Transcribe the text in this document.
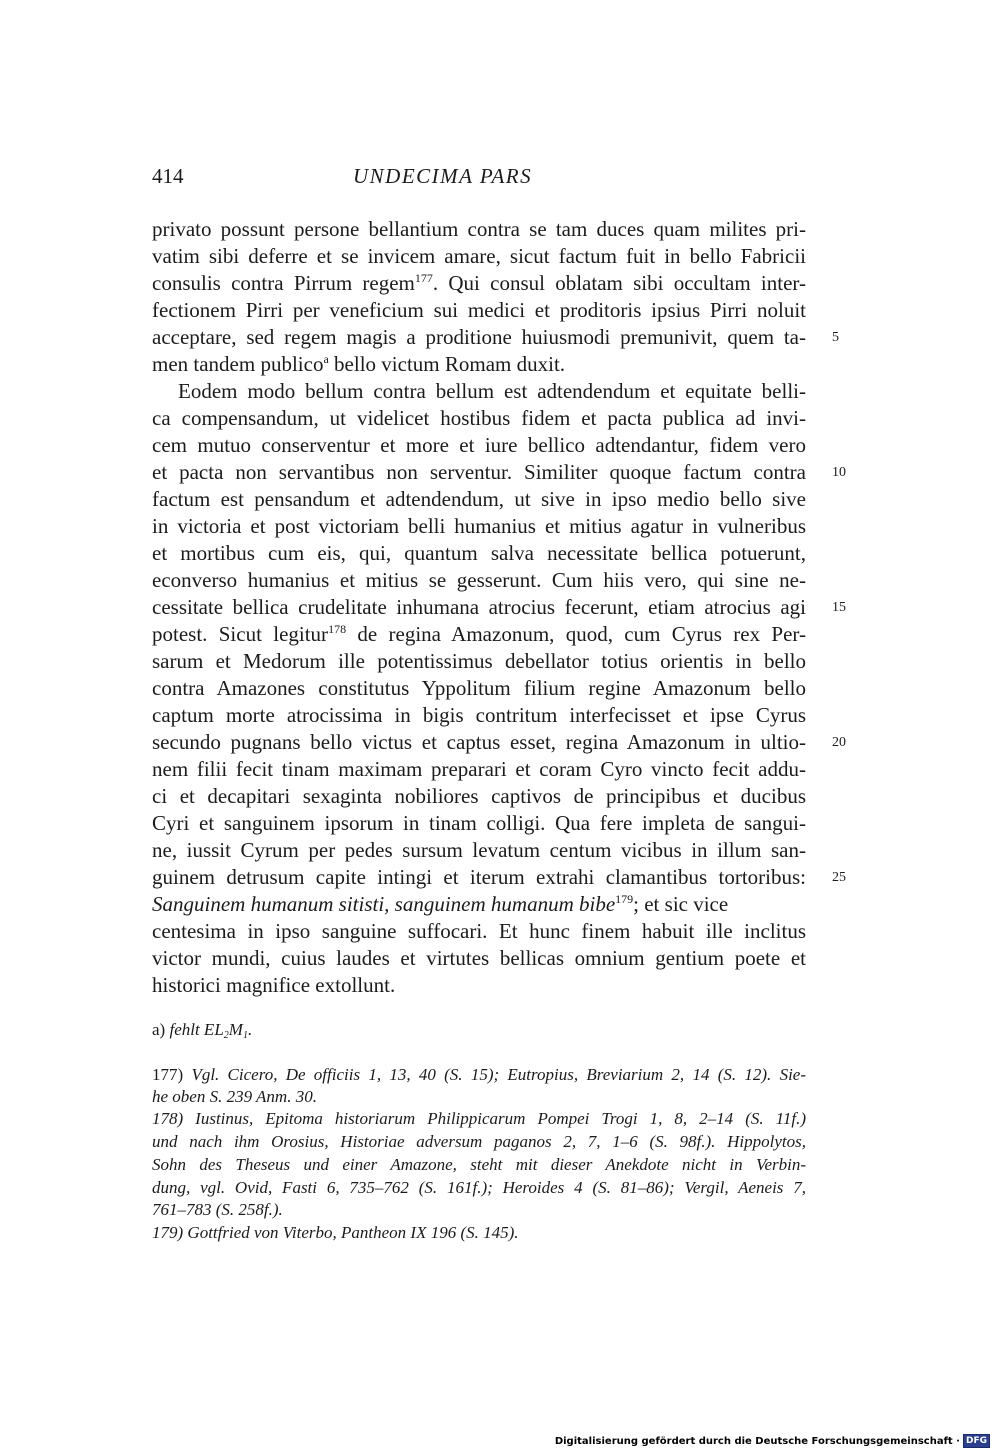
414	UNDECIMA PARS
privato possunt persone bellantium contra se tam duces quam milites pri-
vatim sibi deferre et se invicem amare, sicut factum fuit in bello Fabricii
consulis contra Pirrum regem$^{177}$. Qui consul oblatam sibi occultam inter-
fectionem Pirri per veneficium sui medici et proditoris ipsius Pirri noluit
acceptare, sed regem magis a proditione huiusmodi premunivit, quem ta-
men tandem publico$^a$ bello victum Romam duxit.
Eodem modo bellum contra bellum est adtendendum et equitate belli-
ca compensandum, ut videlicet hostibus fidem et pacta publica ad invi-
cem mutuo conserventur et more et iure bellico adtendantur, fidem vero
et pacta non servantibus non serventur. Similiter quoque factum contra
factum est pensandum et adtendendum, ut sive in ipso medio bello sive
in victoria et post victoriam belli humanius et mitius agatur in vulneribus
et mortibus cum eis, qui, quantum salva necessitate bellica potuerunt,
econverso humanius et mitius se gesserunt. Cum hiis vero, qui sine ne-
cessitate bellica crudelitate inhumana atrocius fecerunt, etiam atrocius agi
potest. Sicut legitur$^{178}$ de regina Amazonum, quod, cum Cyrus rex Per-
sarum et Medorum ille potentissimus debellator totius orientis in bello
contra Amazones constitutus Yppolitum filium regine Amazonum bello
captum morte atrocissima in bigis contritum interfecisset et ipse Cyrus
secundo pugnans bello victus et captus esset, regina Amazonum in ultio-
nem filii fecit tinam maximam preparari et coram Cyro vincto fecit addu-
ci et decapitari sexaginta nobiliores captivos de principibus et ducibus
Cyri et sanguinem ipsorum in tinam colligi. Qua fere impleta de sangui-
ne, iussit Cyrum per pedes sursum levatum centum vicibus in illum san-
guinem detrusum capite intingi et iterum extrahi clamantibus tortoribus:
Sanguinem humanum sitisti, sanguinem humanum bibe$^{179}$; et sic vice
centesima in ipso sanguine suffocari. Et hunc finem habuit ille inclitus
victor mundi, cuius laudes et virtutes bellicas omnium gentium poete et
historici magnifice extollunt.
5
10
15
20
25
a) fehlt $EL_2M_1$.
177) Vgl. Cicero, De officiis 1, 13, 40 (S. 15); Eutropius, Breviarium 2, 14 (S. 12). Sie-
he oben S. 239 Anm. 30.
178) Iustinus, Epitoma historiarum Philippicarum Pompei Trogi 1, 8, 2–14 (S. 11f.)
und nach ihm Orosius, Historiae adversum paganos 2, 7, 1–6 (S. 98f.). Hippolytos,
Sohn des Theseus und einer Amazone, steht mit dieser Anekdote nicht in Verbin-
dung, vgl. Ovid, Fasti 6, 735–762 (S. 161f.); Heroides 4 (S. 81–86); Vergil, Aeneis 7,
761–783 (S. 258f.).
179) Gottfried von Viterbo, Pantheon IX 196 (S. 145).
Digitalisierung gefördert durch die Deutsche Forschungsgemeinschaft · DFG
